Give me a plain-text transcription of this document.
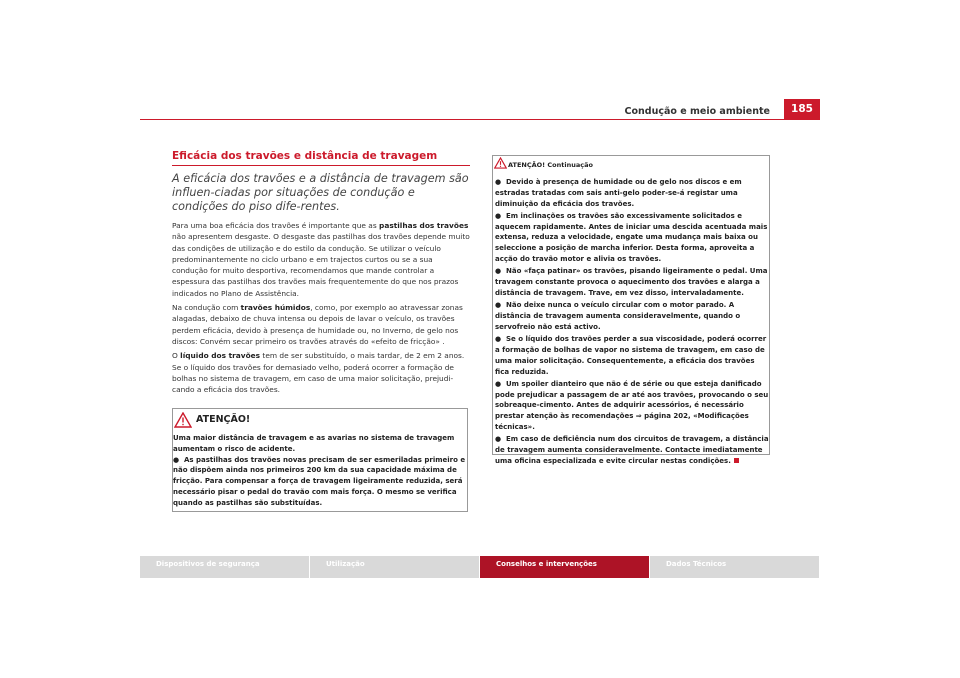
Condução e meio ambiente	185
Eficácia dos travões e distância de travagem

A eficácia dos travões e a distância de travagem são influen-ciadas por situações de condução e condições do piso dife-rentes.

Para uma boa eficácia dos travões é importante que as pastilhas dos travões não apresentem desgaste. O desgaste das pastilhas dos travões depende muito das condições de utilização e do estilo da condução. Se utilizar o veículo predominantemente no ciclo urbano e em trajectos curtos ou se a sua condução for muito desportiva, recomendamos que mande controlar a espessura das pastilhas dos travões mais frequentemente do que nos prazos indicados no Plano de Assistência.

Na condução com travões húmidos, como, por exemplo ao atravessar zonas alagadas, debaixo de chuva intensa ou depois de lavar o veículo, os travões perdem eficácia, devido à presença de humidade ou, no Inverno, de gelo nos discos: Convém secar primeiro os travões através do «efeito de fricção» .

O líquido dos travões tem de ser substituído, o mais tardar, de 2 em 2 anos. Se o líquido dos travões for demasiado velho, poderá ocorrer a formação de bolhas no sistema de travagem, em caso de uma maior solicitação, prejudi-cando a eficácia dos travões.

ATENÇÃO!

Uma maior distância de travagem e as avarias no sistema de travagem aumentam o risco de acidente.

●  As pastilhas dos travões novas precisam de ser esmeriladas primeiro e não dispõem ainda nos primeiros 200 km da sua capacidade máxima de fricção. Para compensar a força de travagem ligeiramente reduzida, será necessário pisar o pedal do travão com mais força. O mesmo se verifica quando as pastilhas são substituídas.

ATENÇÃO! Continuação

●  Devido à presença de humidade ou de gelo nos discos e em estradas tratadas com sais anti-gelo poder-se-á registar uma diminuição da eficácia dos travões.

●  Em inclinações os travões são excessivamente solicitados e aquecem rapidamente. Antes de iniciar uma descida acentuada mais extensa, reduza a velocidade, engate uma mudança mais baixa ou seleccione a posição de marcha inferior. Desta forma, aproveita a acção do travão motor e alivia os travões.

●  Não «faça patinar» os travões, pisando ligeiramente o pedal. Uma travagem constante provoca o aquecimento dos travões e alarga a distância de travagem. Trave, em vez disso, intervaladamente.

●  Não deixe nunca o veículo circular com o motor parado. A distância de travagem aumenta consideravelmente, quando o servofreio não está activo.

●  Se o líquido dos travões perder a sua viscosidade, poderá ocorrer a formação de bolhas de vapor no sistema de travagem, em caso de uma maior solicitação. Consequentemente, a eficácia dos travões fica reduzida.

●  Um spoiler dianteiro que não é de série ou que esteja danificado pode prejudicar a passagem de ar até aos travões, provocando o seu sobreaque-cimento. Antes de adquirir acessórios, é necessário prestar atenção às recomendações ⇒ página 202, «Modificações técnicas».

●  Em caso de deficiência num dos circuitos de travagem, a distância de travagem aumenta consideravelmente. Contacte imediatamente uma oficina especializada e evite circular nestas condições.

Dispositivos de segurança	Utilização	Conselhos e intervenções	Dados Técnicos
